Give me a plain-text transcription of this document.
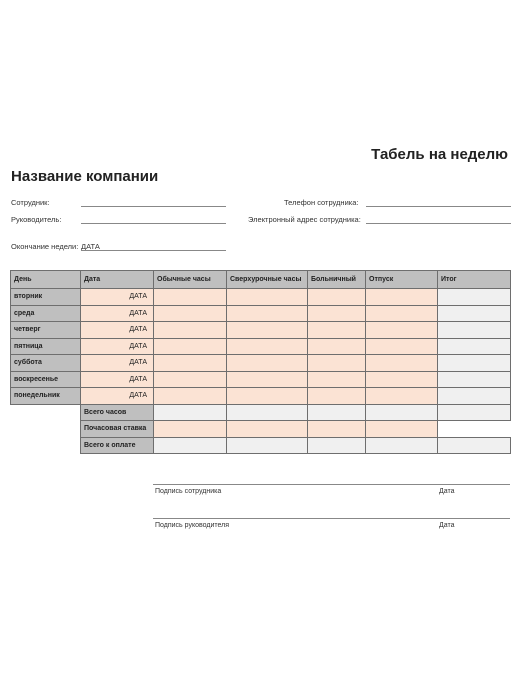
Табель на неделю
Название компании
Сотрудник:
Руководитель:
Телефон сотрудника:
Электронный адрес сотрудника:
Окончание недели: ДАТА
День	Дата	Обычные часы	Сверхурочные часы	Больничный	Отпуск	Итог
вторник	ДАТА					
среда	ДАТА					
четверг	ДАТА					
пятница	ДАТА					
суббота	ДАТА					
воскресенье	ДАТА					
понедельник	ДАТА					
	Всего часов					
	Почасовая ставка					
	Всего к оплате					
Подпись сотрудника	Дата
Подпись руководителя	Дата
